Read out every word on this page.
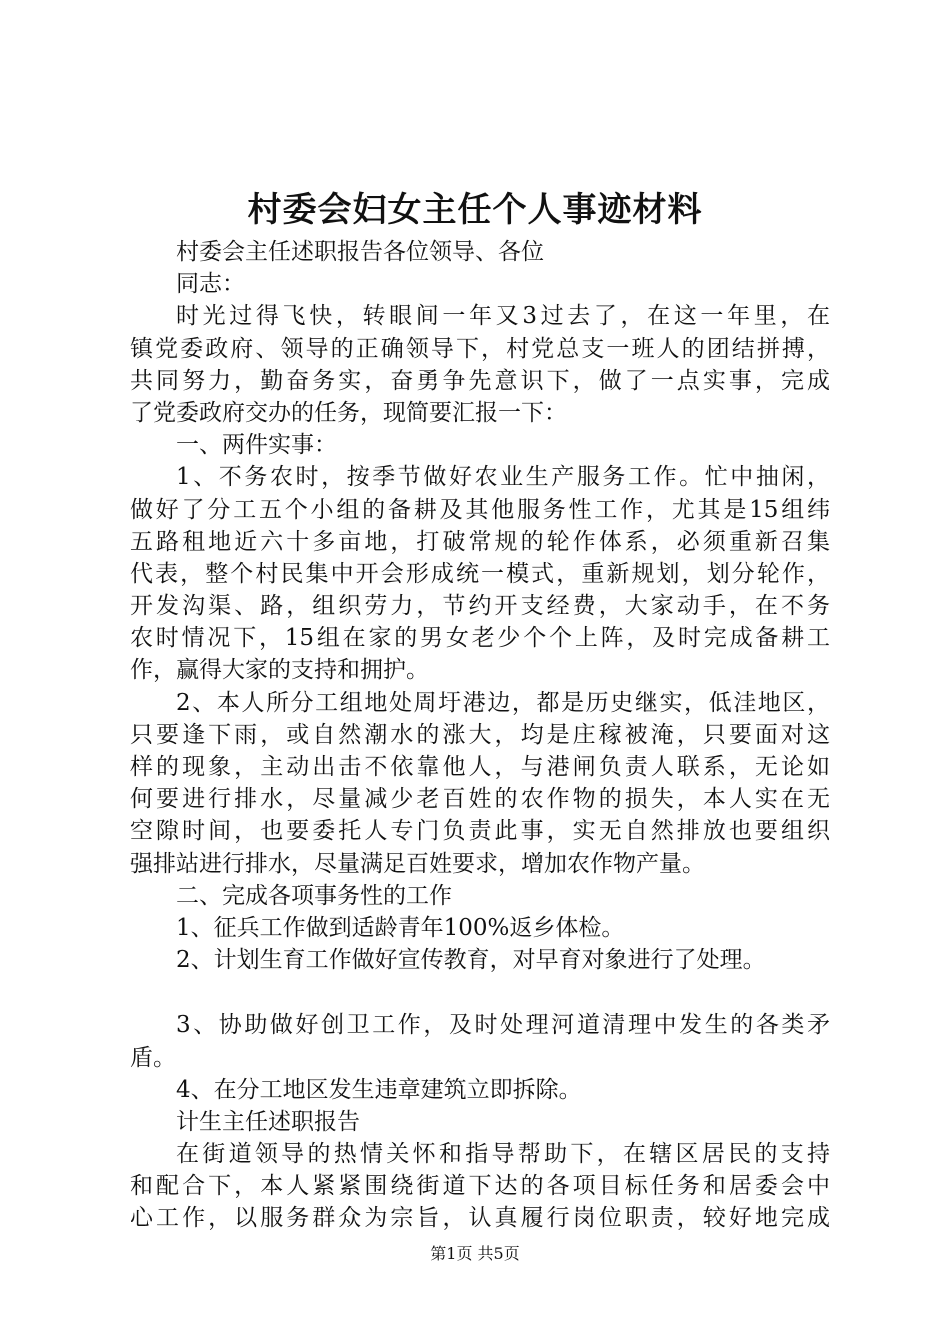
村委会妇女主任个人事迹材料
村委会主任述职报告各位领导、各位
同志：
时光过得飞快，转眼间一年又3过去了，在这一年里，在
镇党委政府、领导的正确领导下，村党总支一班人的团结拼搏，
共同努力，勤奋务实，奋勇争先意识下，做了一点实事，完成
了党委政府交办的任务，现简要汇报一下：
一、两件实事：
1、不务农时，按季节做好农业生产服务工作。忙中抽闲，
做好了分工五个小组的备耕及其他服务性工作，尤其是15组纬
五路租地近六十多亩地，打破常规的轮作体系，必须重新召集
代表，整个村民集中开会形成统一模式，重新规划，划分轮作，
开发沟渠、路，组织劳力，节约开支经费，大家动手，在不务
农时情况下，15组在家的男女老少个个上阵，及时完成备耕工
作，赢得大家的支持和拥护。
2、本人所分工组地处周圩港边，都是历史继实，低洼地区，
只要逢下雨，或自然潮水的涨大，均是庄稼被淹，只要面对这
样的现象，主动出击不依靠他人，与港闸负责人联系，无论如
何要进行排水，尽量减少老百姓的农作物的损失，本人实在无
空隙时间，也要委托人专门负责此事，实无自然排放也要组织
强排站进行排水，尽量满足百姓要求，增加农作物产量。
二、完成各项事务性的工作
1、征兵工作做到适龄青年100%返乡体检。
2、计划生育工作做好宣传教育，对早育对象进行了处理。
3、协助做好创卫工作，及时处理河道清理中发生的各类矛
盾。
4、在分工地区发生违章建筑立即拆除。
计生主任述职报告
在街道领导的热情关怀和指导帮助下，在辖区居民的支持
和配合下，本人紧紧围绕街道下达的各项目标任务和居委会中
心工作，以服务群众为宗旨，认真履行岗位职责，较好地完成
第1页 共5页
